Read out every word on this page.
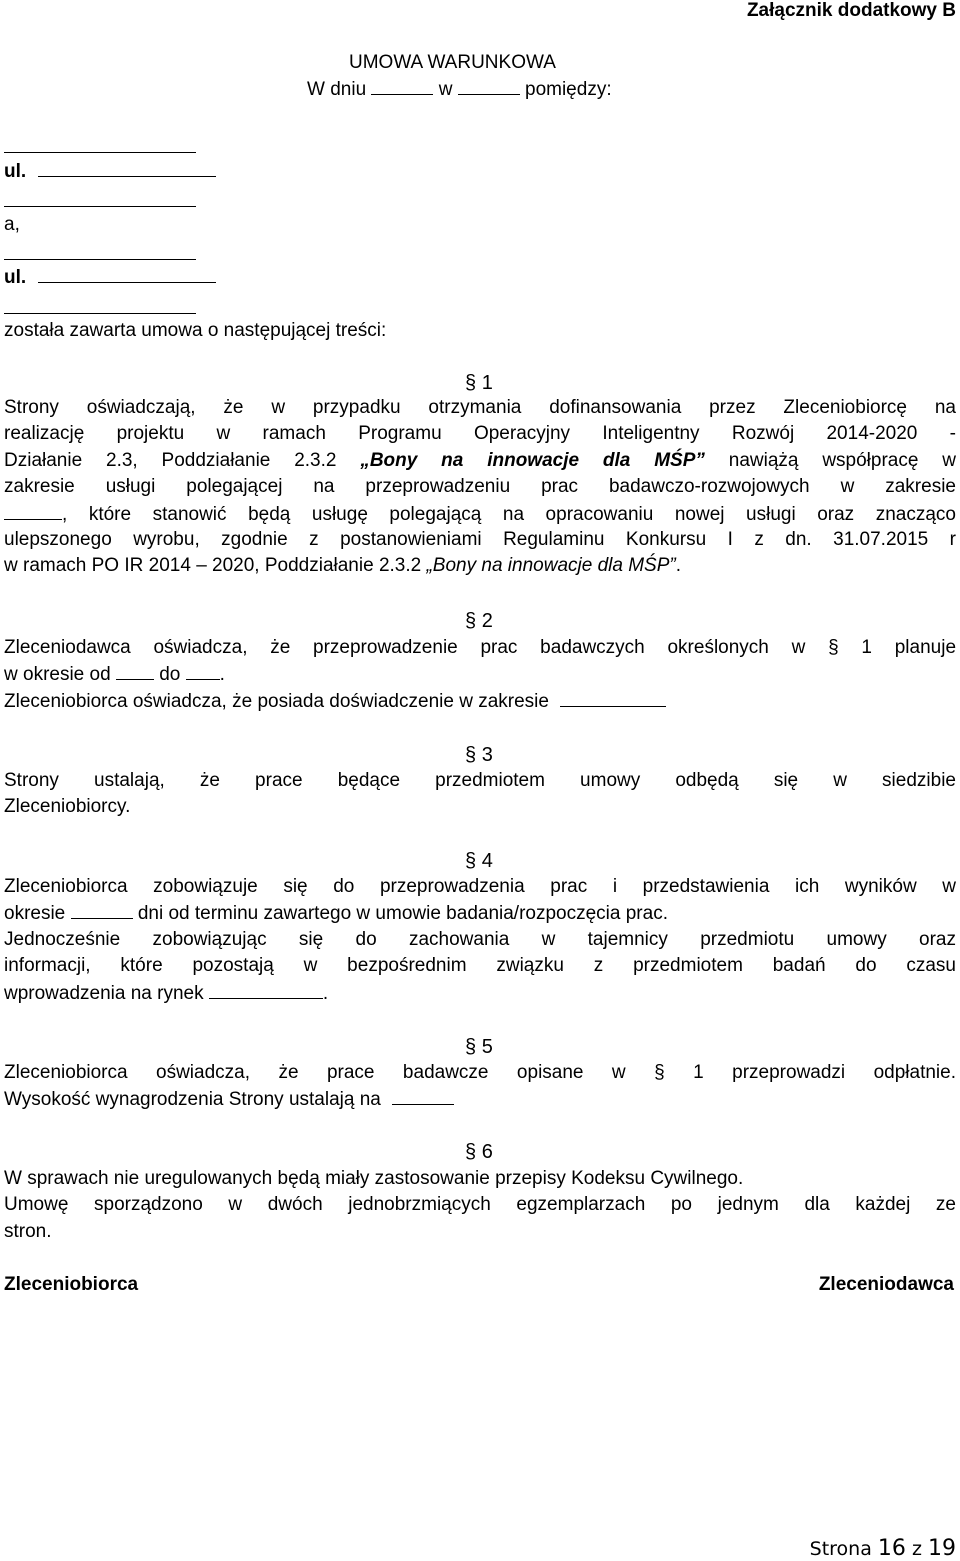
Załącznik dodatkowy B
UMOWA WARUNKOWA
W dniu	w	pomiędzy:
ul.
a,
ul.
została zawarta umowa o następującej treści:
§ 1
Strony oświadczają, że w przypadku otrzymania dofinansowania przez Zleceniobiorcę na
realizację projektu w ramach Programu Operacyjny Inteligentny Rozwój 2014-2020 -
Działanie 2.3, Poddziałanie 2.3.2 „Bony na innowacje dla MŚP” nawiążą współpracę w
zakresie usługi polegającej na przeprowadzeniu prac badawczo-rozwojowych w zakresie
, które stanowić będą usługę polegającą na opracowaniu nowej usługi oraz znacząco
ulepszonego wyrobu, zgodnie z postanowieniami Regulaminu Konkursu I z dn. 31.07.2015 r
w ramach PO IR 2014 – 2020, Poddziałanie 2.3.2 „Bony na innowacje dla MŚP”.
§ 2
Zleceniodawca oświadcza, że przeprowadzenie prac badawczych określonych w § 1 planuje
w okresie od	do .
Zleceniobiorca oświadcza, że posiada doświadczenie w zakresie
§ 3
Strony ustalają, że prace będące przedmiotem umowy odbędą się w siedzibie
Zleceniobiorcy.
§ 4
Zleceniobiorca zobowiązuje się do przeprowadzenia prac i przedstawienia ich wyników w
okresie	dni od terminu zawartego w umowie badania/rozpoczęcia prac.
Jednocześnie zobowiązując się do zachowania w tajemnicy przedmiotu umowy oraz
informacji, które pozostają w bezpośrednim związku z przedmiotem badań do czasu
wprowadzenia na rynek	.
§ 5
Zleceniobiorca oświadcza, że prace badawcze opisane w § 1 przeprowadzi odpłatnie.
Wysokość wynagrodzenia Strony ustalają na
§ 6
W sprawach nie uregulowanych będą miały zastosowanie przepisy Kodeksu Cywilnego.
Umowę sporządzono w dwóch jednobrzmiących egzemplarzach po jednym dla każdej ze
stron.
Zleceniobiorca	Zleceniodawca
Strona 16 z 19
